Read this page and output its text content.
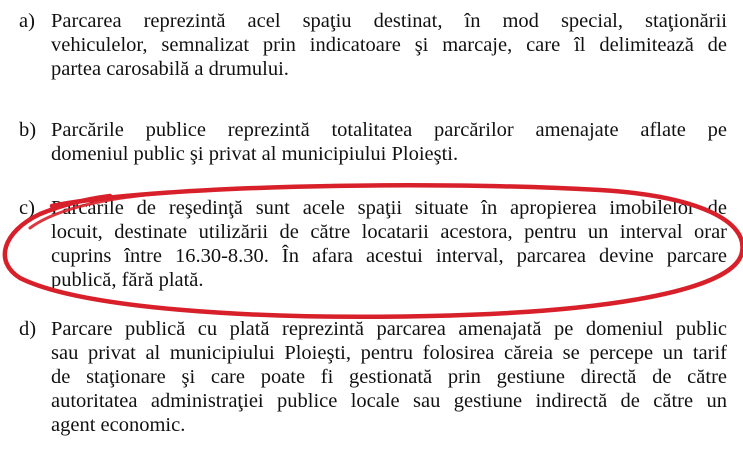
a) Parcarea reprezintă acel spaţiu destinat, în mod special, staţionării
vehiculelor, semnalizat prin indicatoare şi marcaje, care îl delimitează de
partea carosabilă a drumului.
b) Parcările publice reprezintă totalitatea parcărilor amenajate aflate pe
domeniul public şi privat al municipiului Ploieşti.
c) Parcările de reşedinţă sunt acele spaţii situate în apropierea imobilelor de
locuit, destinate utilizării de către locatarii acestora, pentru un interval orar
cuprins între 16.30-8.30. În afara acestui interval, parcarea devine parcare
publică, fără plată.
d) Parcare publică cu plată reprezintă parcarea amenajată pe domeniul public
sau privat al municipiului Ploieşti, pentru folosirea căreia se percepe un tarif
de staţionare şi care poate fi gestionată prin gestiune directă de către
autoritatea administraţiei publice locale sau gestiune indirectă de către un
agent economic.
